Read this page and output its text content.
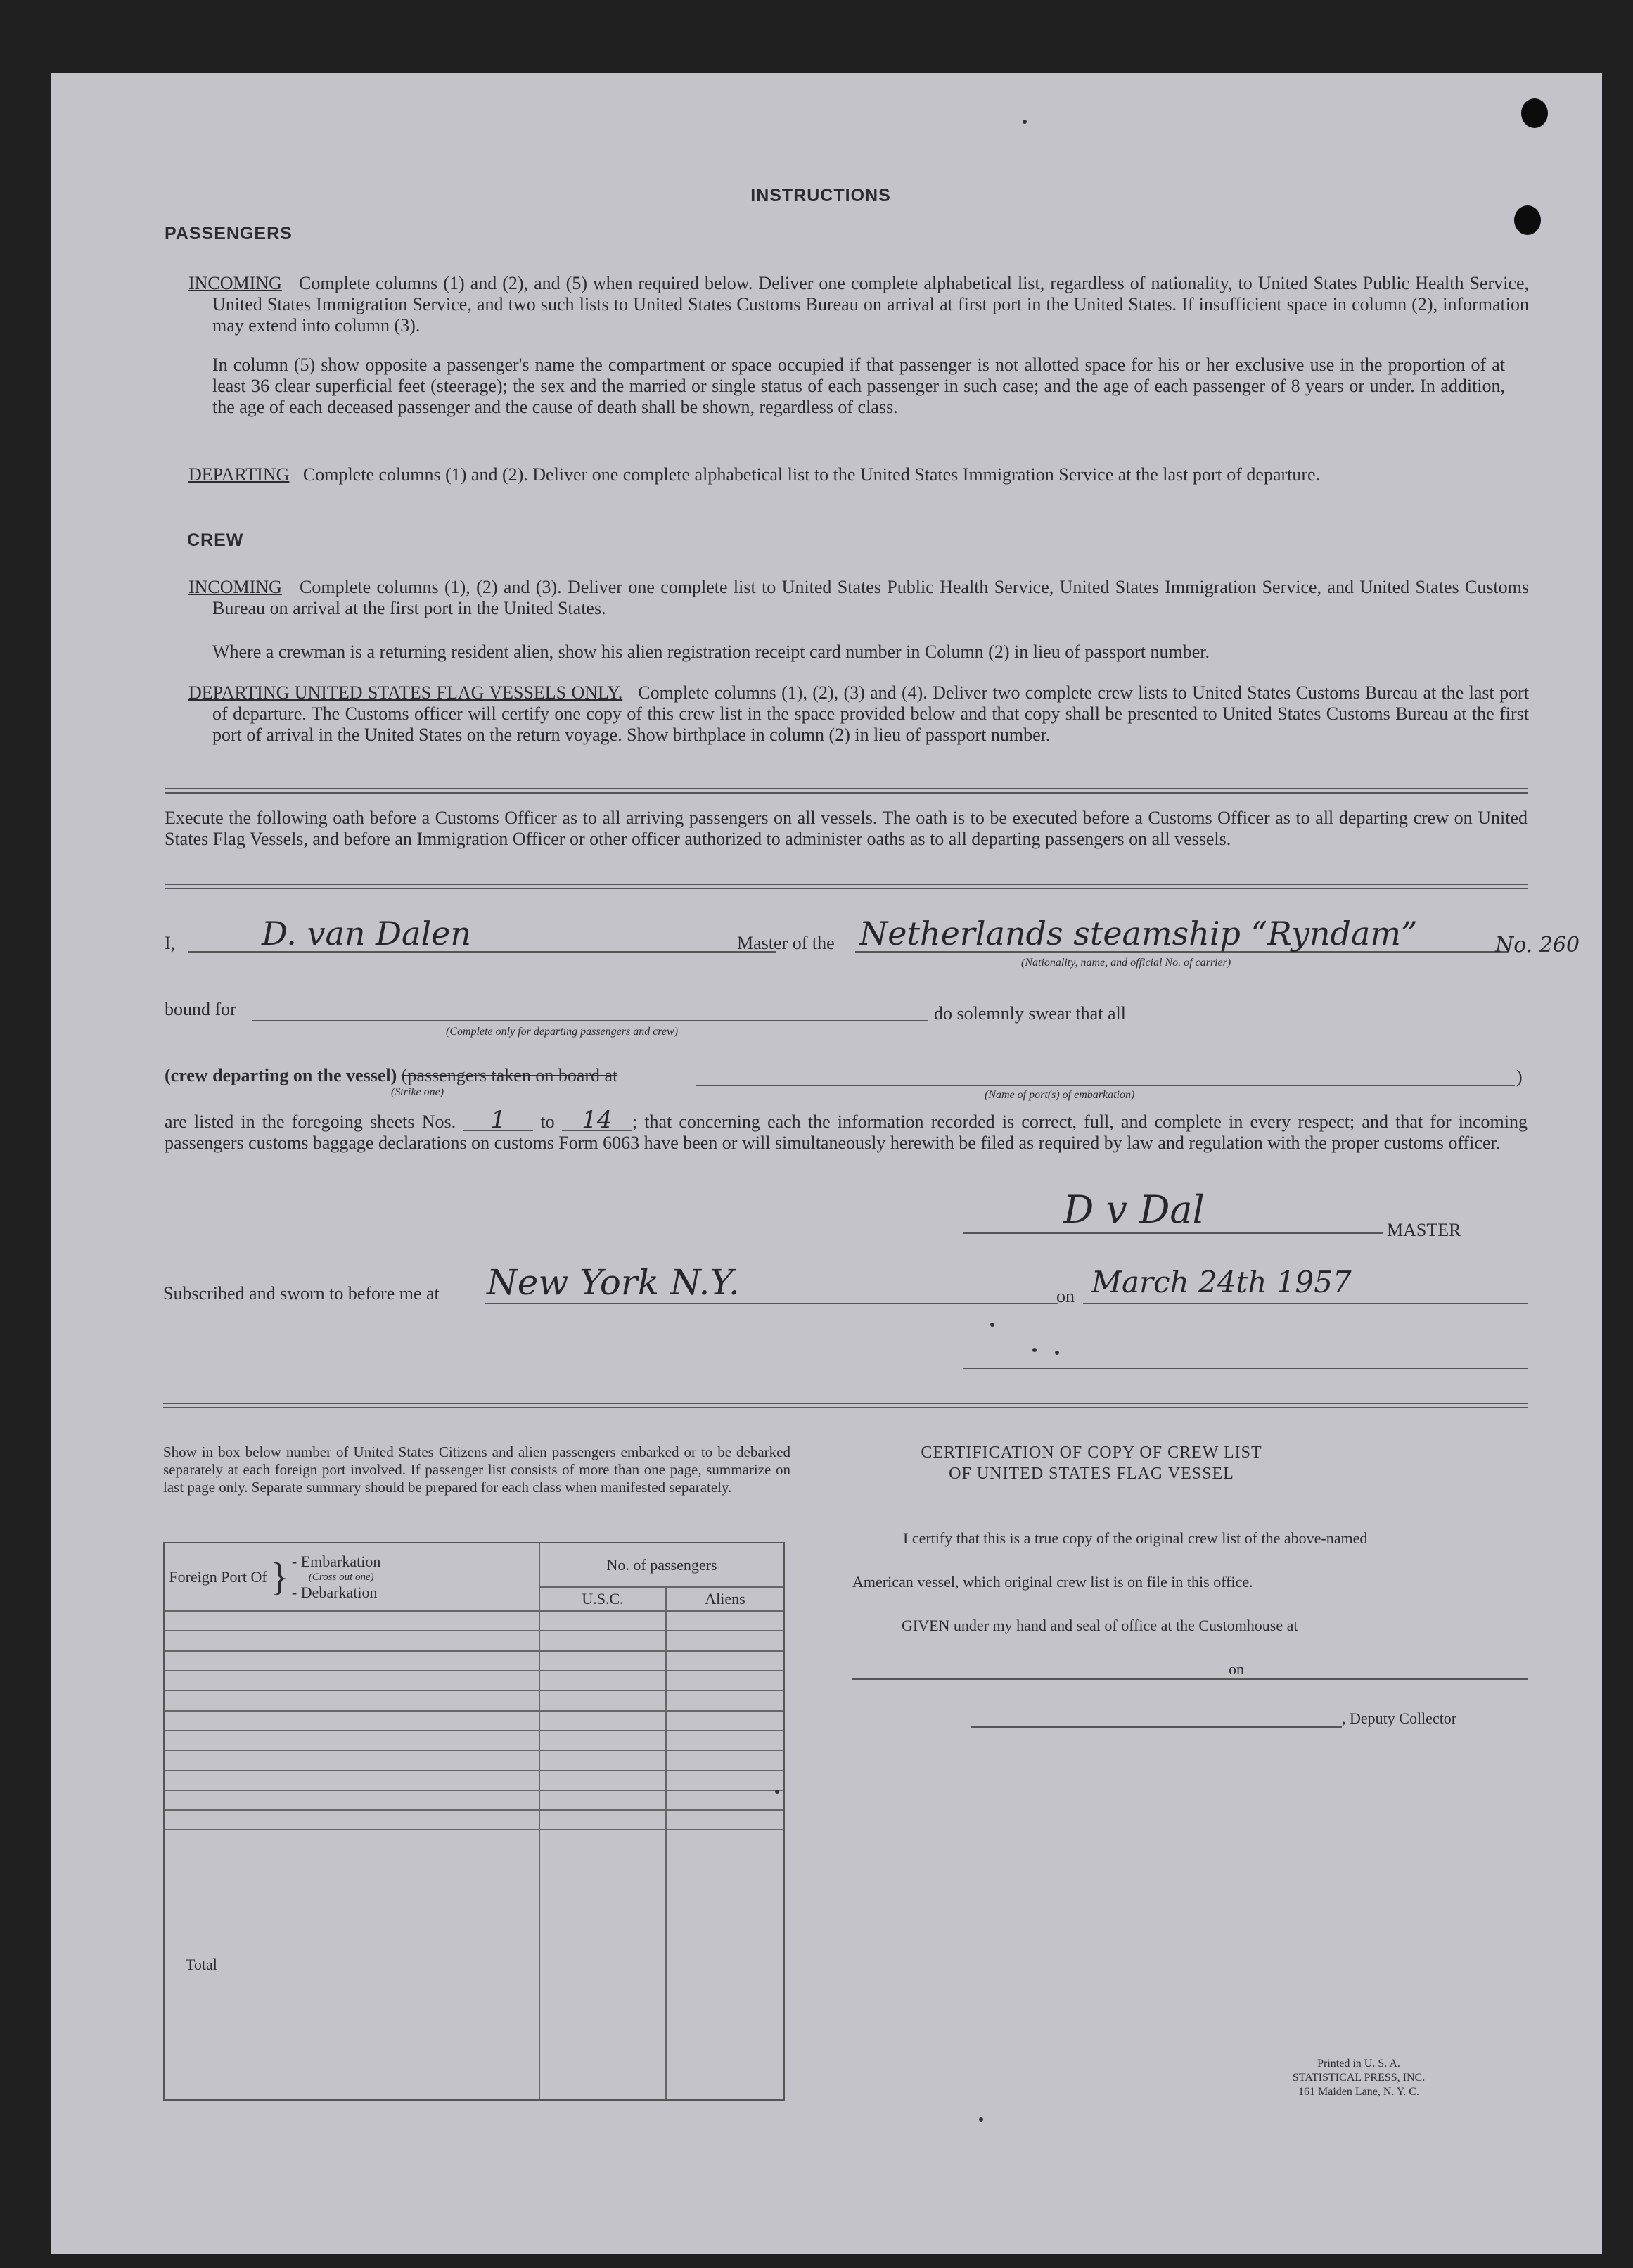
INSTRUCTIONS
PASSENGERS
INCOMING Complete columns (1) and (2), and (5) when required below. Deliver one complete alphabetical list, regardless of nationality, to United States Public Health Service, United States Immigration Service, and two such lists to United States Customs Bureau on arrival at first port in the United States. If insufficient space in column (2), information may extend into column (3).
In column (5) show opposite a passenger's name the compartment or space occupied if that passenger is not allotted space for his or her exclusive use in the proportion of at least 36 clear superficial feet (steerage); the sex and the married or single status of each passenger in such case; and the age of each passenger of 8 years or under. In addition, the age of each deceased passenger and the cause of death shall be shown, regardless of class.
DEPARTING Complete columns (1) and (2). Deliver one complete alphabetical list to the United States Immigration Service at the last port of departure.
CREW
INCOMING Complete columns (1), (2) and (3). Deliver one complete list to United States Public Health Service, United States Immigration Service, and United States Customs Bureau on arrival at the first port in the United States.
Where a crewman is a returning resident alien, show his alien registration receipt card number in Column (2) in lieu of passport number.
DEPARTING UNITED STATES FLAG VESSELS ONLY. Complete columns (1), (2), (3) and (4). Deliver two complete crew lists to United States Customs Bureau at the last port of departure. The Customs officer will certify one copy of this crew list in the space provided below and that copy shall be presented to United States Customs Bureau at the first port of arrival in the United States on the return voyage. Show birthplace in column (2) in lieu of passport number.
Execute the following oath before a Customs Officer as to all arriving passengers on all vessels. The oath is to be executed before a Customs Officer as to all departing crew on United States Flag Vessels, and before an Immigration Officer or other officer authorized to administer oaths as to all departing passengers on all vessels.
I,	D. van Dalen	Master of the Netherlands steamship “Ryndam”
(Nationality, name, and official No. of carrier)
No. 260
bound for
(Complete only for departing passengers and crew)
do solemnly swear that all
(crew departing on the vessel) (passengers taken on board at
(Strike one)	(Name of port(s) of embarkation)
)
are listed in the foregoing sheets Nos. 1 to 14 ; that concerning each the information recorded is correct, full, and complete in every respect; and that for incoming passengers customs baggage declarations on customs Form 6063 have been or will simultaneously herewith be filed as required by law and regulation with the proper customs officer.
D v Dal	MASTER
Subscribed and sworn to before me at New York N.Y.	on March 24th 1957
Show in box below number of United States Citizens and alien passengers embarked or to be debarked separately at each foreign port involved. If passenger list consists of more than one page, summarize on last page only. Separate summary should be prepared for each class when manifested separately.
Foreign Port Of } - Embarkation
(Cross out one)
- Debarkation	No. of passengers	
	U.S.C.	Aliens

Total		
CERTIFICATION OF COPY OF CREW LIST
OF UNITED STATES FLAG VESSEL
I certify that this is a true copy of the original crew list of the above-named
American vessel, which original crew list is on file in this office.
GIVEN under my hand and seal of office at the Customhouse at
on
, Deputy Collector
Printed in U. S. A.
STATISTICAL PRESS, INC.
161 Maiden Lane, N. Y. C.
